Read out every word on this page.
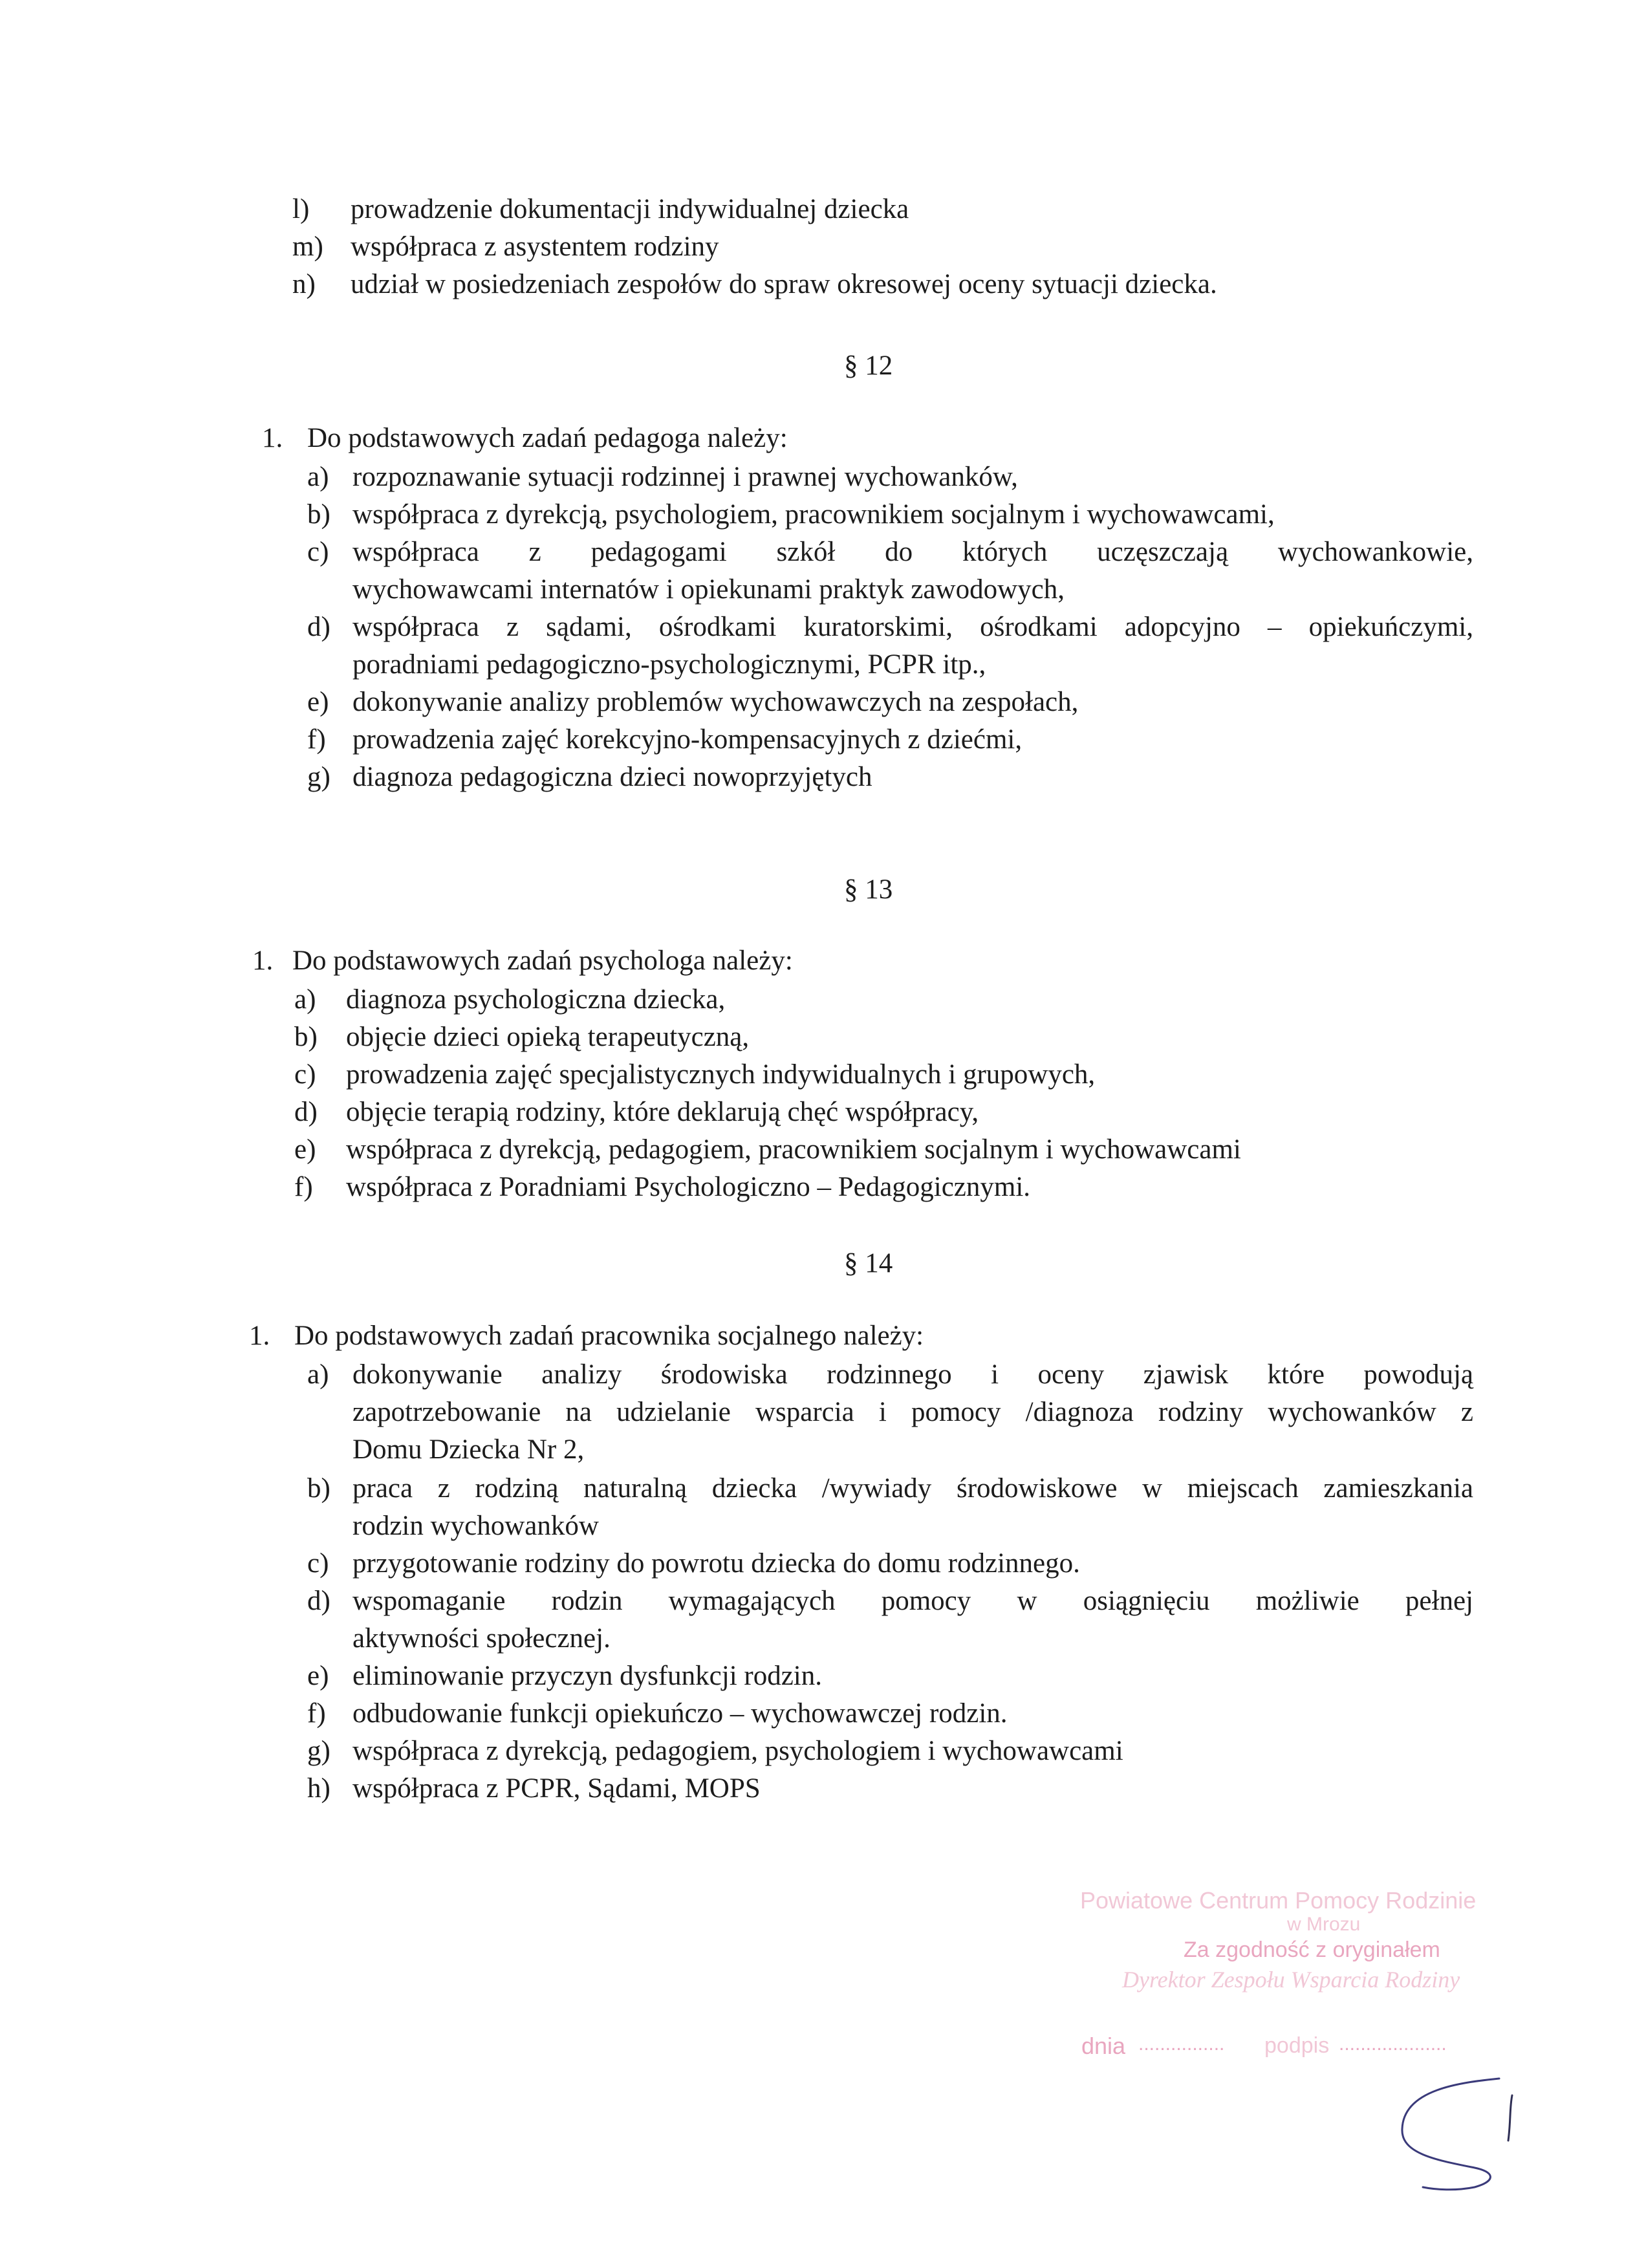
l) prowadzenie dokumentacji indywidualnej dziecka
m) współpraca z asystentem rodziny
n) udział w posiedzeniach zespołów do spraw okresowej oceny sytuacji dziecka.
§ 12
1. Do podstawowych zadań pedagoga należy:
a) rozpoznawanie sytuacji rodzinnej i prawnej wychowanków,
b) współpraca z dyrekcją, psychologiem, pracownikiem socjalnym i wychowawcami,
c) współpraca z pedagogami szkół do których uczęszczają wychowankowie,
wychowawcami internatów i opiekunami praktyk zawodowych,
d) współpraca z sądami, ośrodkami kuratorskimi, ośrodkami adopcyjno – opiekuńczymi,
poradniami pedagogiczno-psychologicznymi, PCPR itp.,
e) dokonywanie analizy problemów wychowawczych na zespołach,
f) prowadzenia zajęć korekcyjno-kompensacyjnych z dziećmi,
g) diagnoza pedagogiczna dzieci nowoprzyjętych
§ 13
1. Do podstawowych zadań psychologa należy:
a) diagnoza psychologiczna dziecka,
b) objęcie dzieci opieką terapeutyczną,
c) prowadzenia zajęć specjalistycznych indywidualnych i grupowych,
d) objęcie terapią rodziny, które deklarują chęć współpracy,
e) współpraca z dyrekcją, pedagogiem, pracownikiem socjalnym i wychowawcami
f) współpraca z Poradniami Psychologiczno – Pedagogicznymi.
§ 14
1. Do podstawowych zadań pracownika socjalnego należy:
a) dokonywanie analizy środowiska rodzinnego i oceny zjawisk które powodują
zapotrzebowanie na udzielanie wsparcia i pomocy /diagnoza rodziny wychowanków z
Domu Dziecka Nr 2,
b) praca z rodziną naturalną dziecka /wywiady środowiskowe w miejscach zamieszkania
rodzin wychowanków
c) przygotowanie rodziny do powrotu dziecka do domu rodzinnego.
d) wspomaganie rodzin wymagających pomocy w osiągnięciu możliwie pełnej
aktywności społecznej.
e) eliminowanie przyczyn dysfunkcji rodzin.
f) odbudowanie funkcji opiekuńczo – wychowawczej rodzin.
g) współpraca z dyrekcją, pedagogiem, psychologiem i wychowawcami
h) współpraca z PCPR, Sądami, MOPS
Powiatowe Centrum Pomocy Rodzinie
w Mrozu
Za zgodność z oryginałem
Dyrektor Zespołu Wsparcia Rodziny
dnia ................ podpis ....................
